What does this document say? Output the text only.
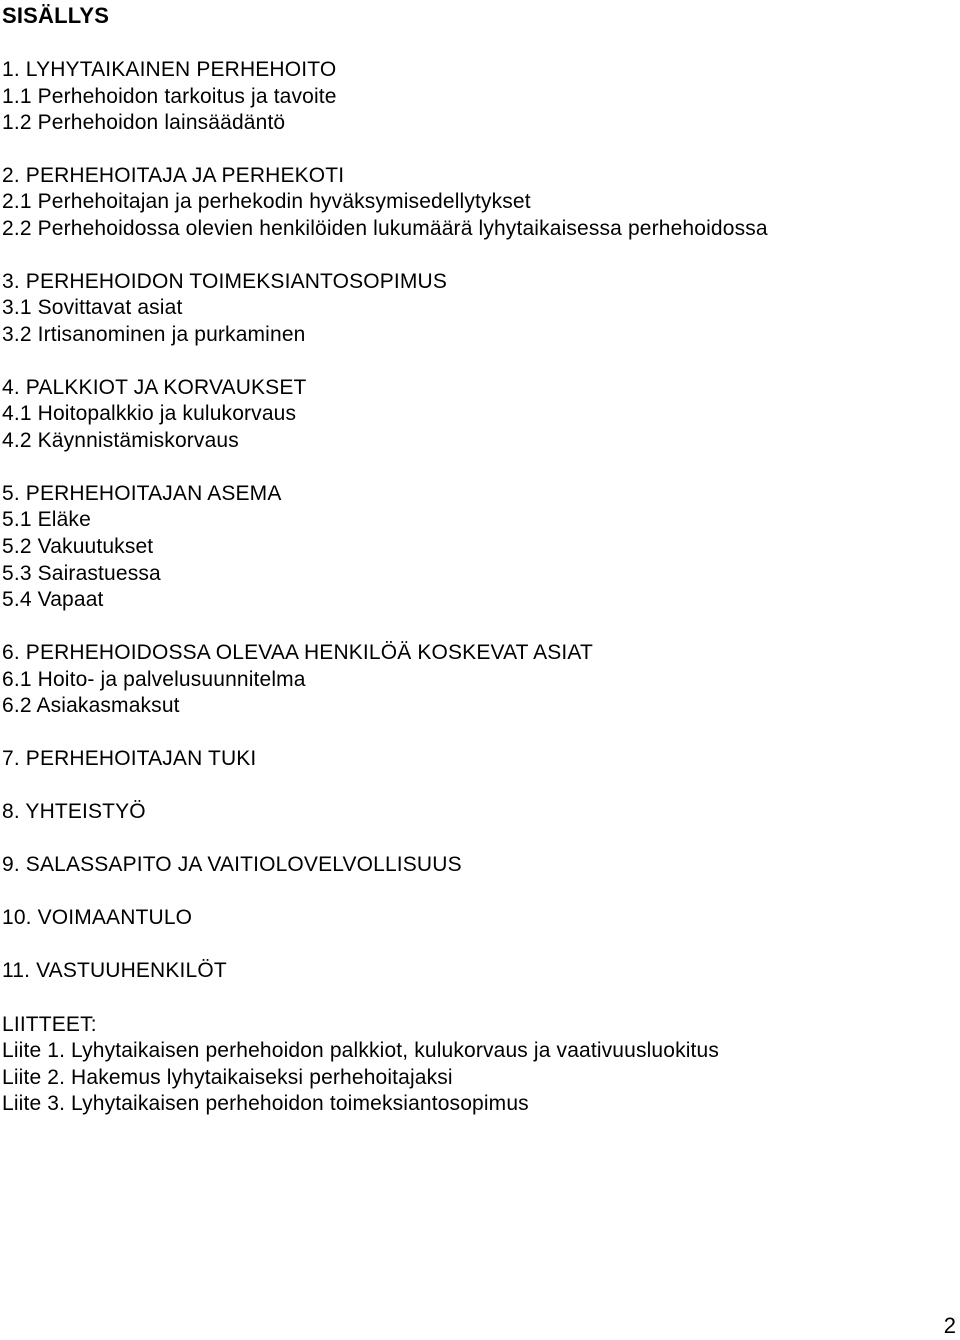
SISÄLLYS

1. LYHYTAIKAINEN PERHEHOITO

1.1 Perhehoidon tarkoitus ja tavoite

1.2 Perhehoidon lainsäädäntö

2. PERHEHOITAJA JA PERHEKOTI

2.1 Perhehoitajan ja perhekodin hyväksymisedellytykset

2.2 Perhehoidossa olevien henkilöiden lukumäärä lyhytaikaisessa perhehoidossa

3. PERHEHOIDON TOIMEKSIANTOSOPIMUS

3.1 Sovittavat asiat

3.2 Irtisanominen ja purkaminen

4. PALKKIOT JA KORVAUKSET

4.1 Hoitopalkkio ja kulukorvaus

4.2 Käynnistämiskorvaus

5. PERHEHOITAJAN ASEMA

5.1 Eläke

5.2 Vakuutukset

5.3 Sairastuessa

5.4 Vapaat

6. PERHEHOIDOSSA OLEVAA HENKILÖÄ KOSKEVAT ASIAT

6.1 Hoito- ja palvelusuunnitelma

6.2 Asiakasmaksut

7. PERHEHOITAJAN TUKI

8. YHTEISTYÖ

9. SALASSAPITO JA VAITIOLOVELVOLLISUUS

10. VOIMAANTULO

11. VASTUUHENKILÖT

LIITTEET:

Liite 1. Lyhytaikaisen perhehoidon palkkiot, kulukorvaus ja vaativuusluokitus

Liite 2. Hakemus lyhytaikaiseksi perhehoitajaksi

Liite 3. Lyhytaikaisen perhehoidon toimeksiantosopimus

2
